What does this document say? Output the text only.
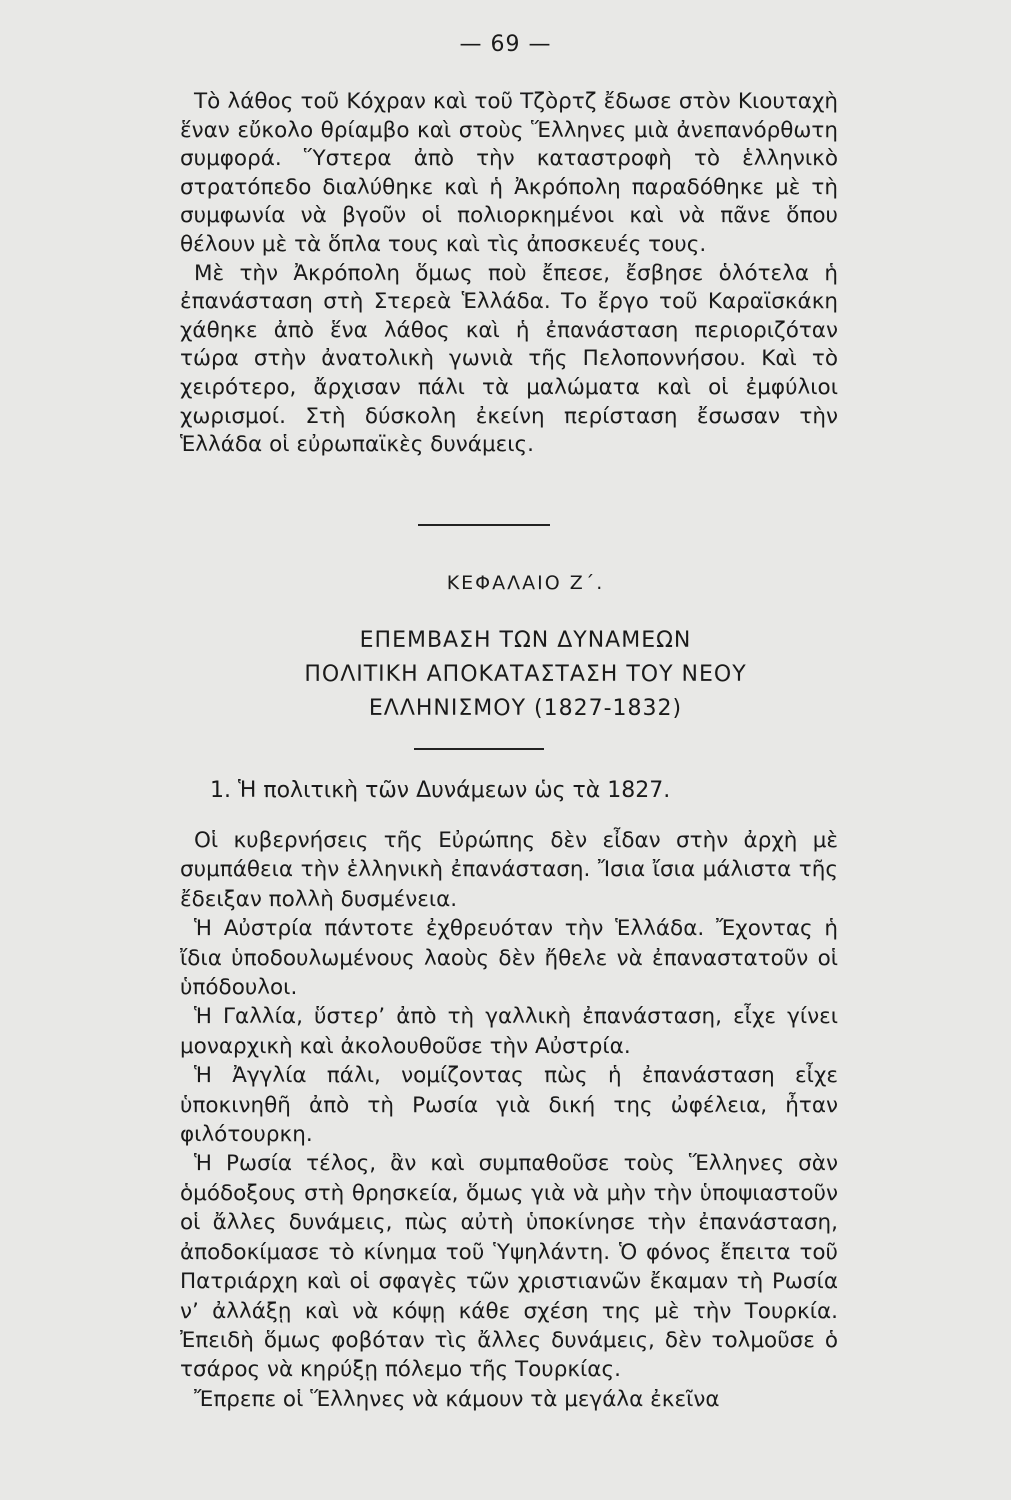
— 69 —

Τὸ λάθος τοῦ Κόχραν καὶ τοῦ Τζὸρτζ ἔδωσε στὸν Κιουταχὴ ἕναν εὔκολο θρίαμβο καὶ στοὺς Ἕλληνες μιὰ ἀνεπανόρθωτη συμφορά. Ὕστερα ἀπὸ τὴν καταστροφὴ τὸ ἑλληνικὸ στρατόπεδο διαλύθηκε καὶ ἡ Ἀκρόπολη παραδόθηκε μὲ τὴ συμφωνία νὰ βγοῦν οἱ πολιορκημένοι καὶ νὰ πᾶνε ὅπου θέλουν μὲ τὰ ὅπλα τους καὶ τὶς ἀποσκευές τους.

Μὲ τὴν Ἀκρόπολη ὅμως ποὺ ἔπεσε, ἔσβησε ὁλότελα ἡ ἐπανάσταση στὴ Στερεὰ Ἑλλάδα. Το ἔργο τοῦ Καραϊσκάκη χάθηκε ἀπὸ ἕνα λάθος καὶ ἡ ἐπανάσταση περιοριζόταν τώρα στὴν ἀνατολικὴ γωνιὰ τῆς Πελοποννήσου. Καὶ τὸ χειρότερο, ἄρχισαν πάλι τὰ μαλώματα καὶ οἱ ἐμφύλιοι χωρισμοί. Στὴ δύσκολη ἐκείνη περίσταση ἔσωσαν τὴν Ἑλλάδα οἱ εὐρωπαϊκὲς δυνάμεις.

ΚΕΦΑΛΑΙΟ Ζ΄.
ΕΠΕΜΒΑΣΗ ΤΩΝ ΔΥΝΑΜΕΩΝ
ΠΟΛΙΤΙΚΗ ΑΠΟΚΑΤΑΣΤΑΣΗ ΤΟΥ ΝΕΟΥ
ΕΛΛΗΝΙΣΜΟΥ (1827-1832)
1. Ἡ πολιτικὴ τῶν Δυνάμεων ὡς τὰ 1827.

Οἱ κυβερνήσεις τῆς Εὐρώπης δὲν εἶδαν στὴν ἀρχὴ μὲ συμπάθεια τὴν ἑλληνικὴ ἐπανάσταση. Ἴσια ἴσια μάλιστα τῆς ἔδειξαν πολλὴ δυσμένεια.

Ἡ Αὐστρία πάντοτε ἐχθρευόταν τὴν Ἑλλάδα. Ἔχοντας ἡ ἴδια ὑποδουλωμένους λαοὺς δὲν ἤθελε νὰ ἐπαναστατοῦν οἱ ὑπόδουλοι.

Ἡ Γαλλία, ὕστερ’ ἀπὸ τὴ γαλλικὴ ἐπανάσταση, εἶχε γίνει μοναρχικὴ καὶ ἀκολουθοῦσε τὴν Αὐστρία.

Ἡ Ἀγγλία πάλι, νομίζοντας πὼς ἡ ἐπανάσταση εἶχε ὑποκινηθῆ ἀπὸ τὴ Ρωσία γιὰ δική της ὠφέλεια, ἦταν φιλότουρκη.

Ἡ Ρωσία τέλος, ἂν καὶ συμπαθοῦσε τοὺς Ἕλληνες σὰν ὁμόδοξους στὴ θρησκεία, ὅμως γιὰ νὰ μὴν τὴν ὑποψιαστοῦν οἱ ἄλλες δυνάμεις, πὼς αὐτὴ ὑποκίνησε τὴν ἐπανάσταση, ἀποδοκίμασε τὸ κίνημα τοῦ Ὑψηλάντη. Ὁ φόνος ἔπειτα τοῦ Πατριάρχη καὶ οἱ σφαγὲς τῶν χριστιανῶν ἔκαμαν τὴ Ρωσία ν’ ἀλλάξῃ καὶ νὰ κόψῃ κάθε σχέση της μὲ τὴν Τουρκία. Ἐπειδὴ ὅμως φοβόταν τὶς ἄλλες δυνάμεις, δὲν τολμοῦσε ὁ τσάρος νὰ κηρύξῃ πόλεμο τῆς Τουρκίας.

Ἔπρεπε οἱ Ἕλληνες νὰ κάμουν τὰ μεγάλα ἐκεῖνα
